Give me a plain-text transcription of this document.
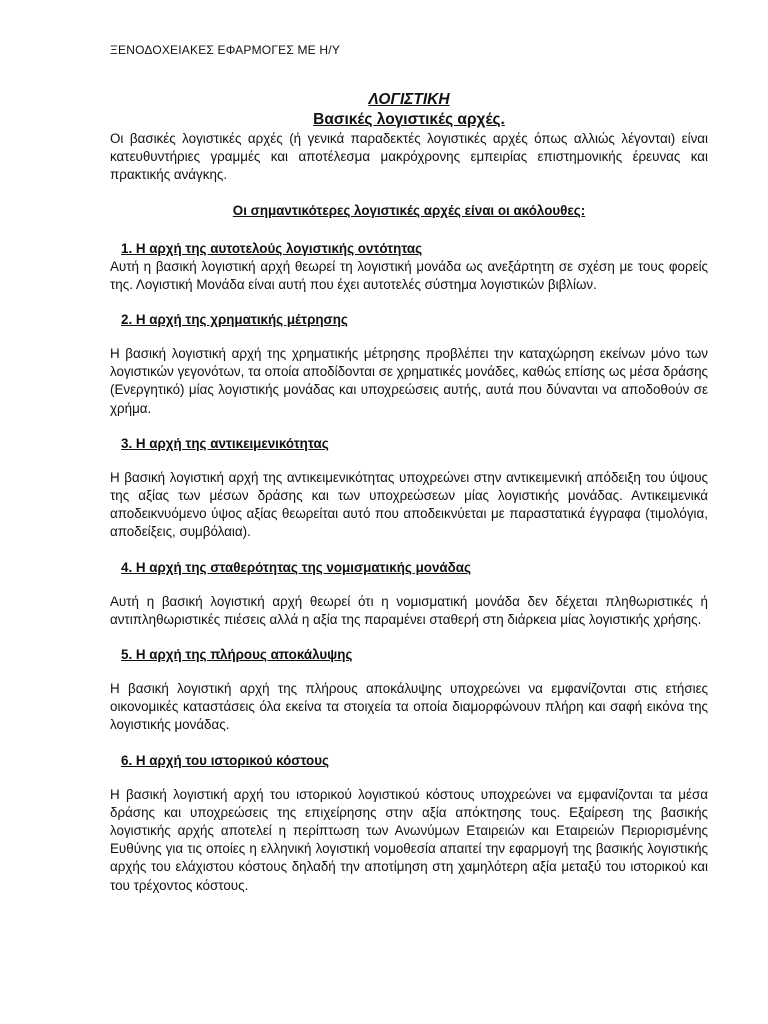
ΞΕΝΟΔΟΧΕΙΑΚΕΣ ΕΦΑΡΜΟΓΕΣ ΜΕ Η/Υ
ΛΟΓΙΣΤΙΚΗ
Βασικές λογιστικές αρχές.

Οι βασικές λογιστικές αρχές (ή γενικά παραδεκτές λογιστικές αρχές όπως αλλιώς λέγονται) είναι κατευθυντήριες γραμμές και αποτέλεσμα μακρόχρονης εμπειρίας επιστημονικής έρευνας και πρακτικής ανάγκης.

Οι σημαντικότερες λογιστικές αρχές είναι οι ακόλουθες:
1. Η αρχή της αυτοτελούς λογιστικής οντότητας

Αυτή η βασική λογιστική αρχή θεωρεί τη λογιστική μονάδα ως ανεξάρτητη σε σχέση με τους φορείς της. Λογιστική Μονάδα είναι αυτή που έχει αυτοτελές σύστημα λογιστικών βιβλίων.

2. Η αρχή της χρηματικής μέτρησης

Η βασική λογιστική αρχή της χρηματικής μέτρησης προβλέπει την καταχώρηση εκείνων μόνο των λογιστικών γεγονότων, τα οποία αποδίδονται σε χρηματικές μονάδες, καθώς επίσης ως μέσα δράσης (Ενεργητικό) μίας λογιστικής μονάδας και υποχρεώσεις αυτής, αυτά που δύνανται να αποδοθούν σε χρήμα.

3. Η αρχή της αντικειμενικότητας

Η βασική λογιστική αρχή της αντικειμενικότητας υποχρεώνει στην αντικειμενική απόδειξη του ύψους της αξίας των μέσων δράσης και των υποχρεώσεων μίας λογιστικής μονάδας. Αντικειμενικά αποδεικνυόμενο ύψος αξίας θεωρείται αυτό που αποδεικνύεται με παραστατικά έγγραφα (τιμολόγια, αποδείξεις, συμβόλαια).

4. Η αρχή της σταθερότητας της νομισματικής μονάδας

Αυτή η βασική λογιστική αρχή θεωρεί ότι η νομισματική μονάδα δεν δέχεται πληθωριστικές ή αντιπληθωριστικές πιέσεις αλλά η αξία της παραμένει σταθερή στη διάρκεια μίας λογιστικής χρήσης.

5. Η αρχή της πλήρους αποκάλυψης

Η βασική λογιστική αρχή της πλήρους αποκάλυψης υποχρεώνει να εμφανίζονται στις ετήσιες οικονομικές καταστάσεις όλα εκείνα τα στοιχεία τα οποία διαμορφώνουν πλήρη και σαφή εικόνα της λογιστικής μονάδας.

6. Η αρχή του ιστορικού κόστους

Η βασική λογιστική αρχή του ιστορικού λογιστικού κόστους υποχρεώνει να εμφανίζονται τα μέσα δράσης και υποχρεώσεις της επιχείρησης στην αξία απόκτησης τους. Εξαίρεση της βασικής λογιστικής αρχής αποτελεί η περίπτωση των Ανωνύμων Εταιρειών και Εταιρειών Περιορισμένης Ευθύνης για τις οποίες η ελληνική λογιστική νομοθεσία απαιτεί την εφαρμογή της βασικής λογιστικής αρχής του ελάχιστου κόστους δηλαδή την αποτίμηση στη χαμηλότερη αξία μεταξύ του ιστορικού και του τρέχοντος κόστους.
